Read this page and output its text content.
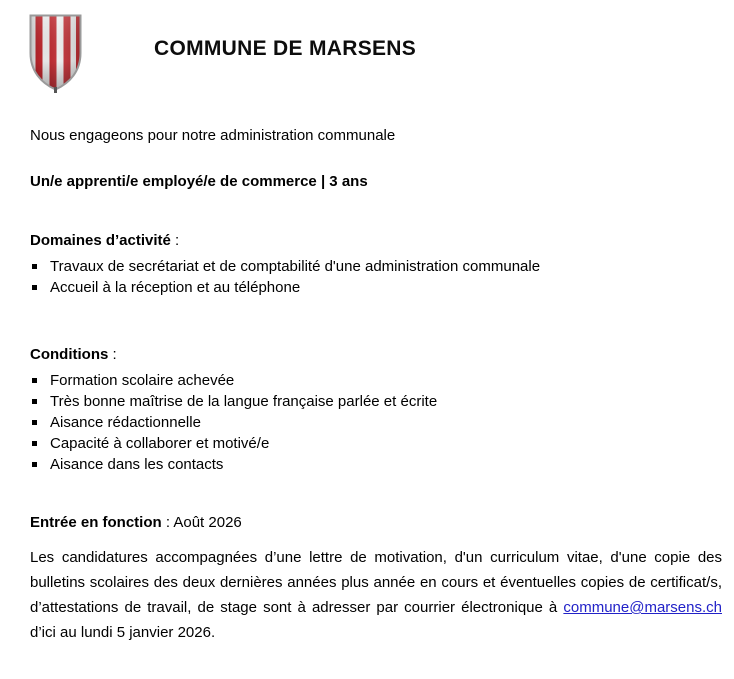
COMMUNE DE MARSENS
Nous engageons pour notre administration communale
Un/e apprenti/e employé/e de commerce | 3 ans
Domaines d’activité :
Travaux de secrétariat et de comptabilité d'une administration communale
Accueil à la réception et au téléphone
Conditions :
Formation scolaire achevée
Très bonne maîtrise de la langue française parlée et écrite
Aisance rédactionnelle
Capacité à collaborer et motivé/e
Aisance dans les contacts
Entrée en fonction : Août 2026
Les candidatures accompagnées d’une lettre de motivation, d'un curriculum vitae, d'une copie des bulletins scolaires des deux dernières années plus année en cours et éventuelles copies de certificat/s, d’attestations de travail, de stage sont à adresser par courrier électronique à commune@marsens.ch d’ici au lundi 5 janvier 2026.
